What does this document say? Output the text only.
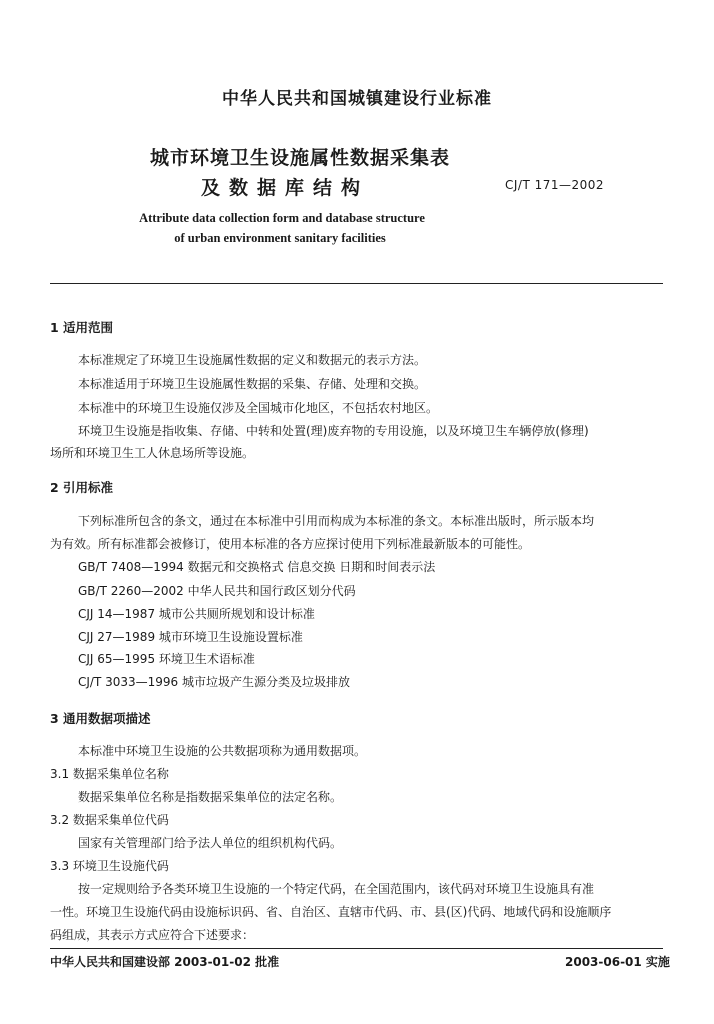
中华人民共和国城镇建设行业标准
城市环境卫生设施属性数据采集表
及数据库结构	CJ/T 171—2002
Attribute data collection form and database structure
of urban environment sanitary facilities
1 适用范围
本标准规定了环境卫生设施属性数据的定义和数据元的表示方法。
本标准适用于环境卫生设施属性数据的采集、存储、处理和交换。
本标准中的环境卫生设施仅涉及全国城市化地区，不包括农村地区。
环境卫生设施是指收集、存储、中转和处置(理)废弃物的专用设施，以及环境卫生车辆停放(修理)
场所和环境卫生工人休息场所等设施。
2 引用标准
下列标准所包含的条文，通过在本标准中引用而构成为本标准的条文。本标准出版时，所示版本均
为有效。所有标准都会被修订，使用本标准的各方应探讨使用下列标准最新版本的可能性。
GB/T 7408—1994 数据元和交换格式 信息交换 日期和时间表示法
GB/T 2260—2002 中华人民共和国行政区划分代码
CJJ 14—1987 城市公共厕所规划和设计标准
CJJ 27—1989 城市环境卫生设施设置标准
CJJ 65—1995 环境卫生术语标准
CJ/T 3033—1996 城市垃圾产生源分类及垃圾排放
3 通用数据项描述
本标准中环境卫生设施的公共数据项称为通用数据项。
3.1 数据采集单位名称
数据采集单位名称是指数据采集单位的法定名称。
3.2 数据采集单位代码
国家有关管理部门给予法人单位的组织机构代码。
3.3 环境卫生设施代码
按一定规则给予各类环境卫生设施的一个特定代码，在全国范围内，该代码对环境卫生设施具有准
一性。环境卫生设施代码由设施标识码、省、自治区、直辖市代码、市、县(区)代码、地域代码和设施顺序
码组成，其表示方式应符合下述要求：
中华人民共和国建设部 2003-01-02 批准	2003-06-01 实施
